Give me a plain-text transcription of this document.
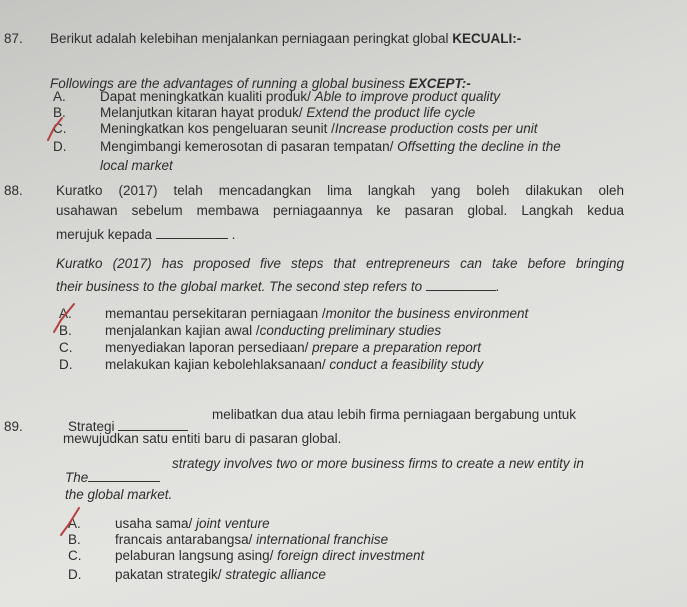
87. Berikut adalah kelebihan menjalankan perniagaan peringkat global KECUALI:-
Followings are the advantages of running a global business EXCEPT:-
A.	Dapat meningkatkan kualiti produk/ Able to improve product quality
B.	Melanjutkan kitaran hayat produk/ Extend the product life cycle
C. Meningkatkan kos pengeluaran seunit /Increase production costs per unit
D. Mengimbangi kemerosotan di pasaran tempatan/ Offsetting the decline in the
local market
88. Kuratko (2017) telah mencadangkan lima langkah yang boleh dilakukan oleh
usahawan sebelum membawa perniagaannya ke pasaran global. Langkah kedua
merujuk kepada	.
Kuratko (2017) has proposed five steps that entrepreneurs can take before bringing
their business to the global market. The second step refers to	.
A. memantau persekitaran perniagaan /monitor the business environment
B. menjalankan kajian awal /conducting preliminary studies
C. menyediakan laporan persediaan/ prepare a preparation report
D. melakukan kajian kebolehlaksanaan/ conduct a feasibility study
89.	Strategi
melibatkan dua atau lebih firma perniagaan bergabung untuk
mewujudkan satu entiti baru di pasaran global.
The
strategy involves two or more business firms to create a new entity in
the global market.
A.	usaha sama/ joint venture
B.	francais antarabangsa/ international franchise
C. pelaburan langsung asing/ foreign direct investment
D. pakatan strategik/ strategic alliance
